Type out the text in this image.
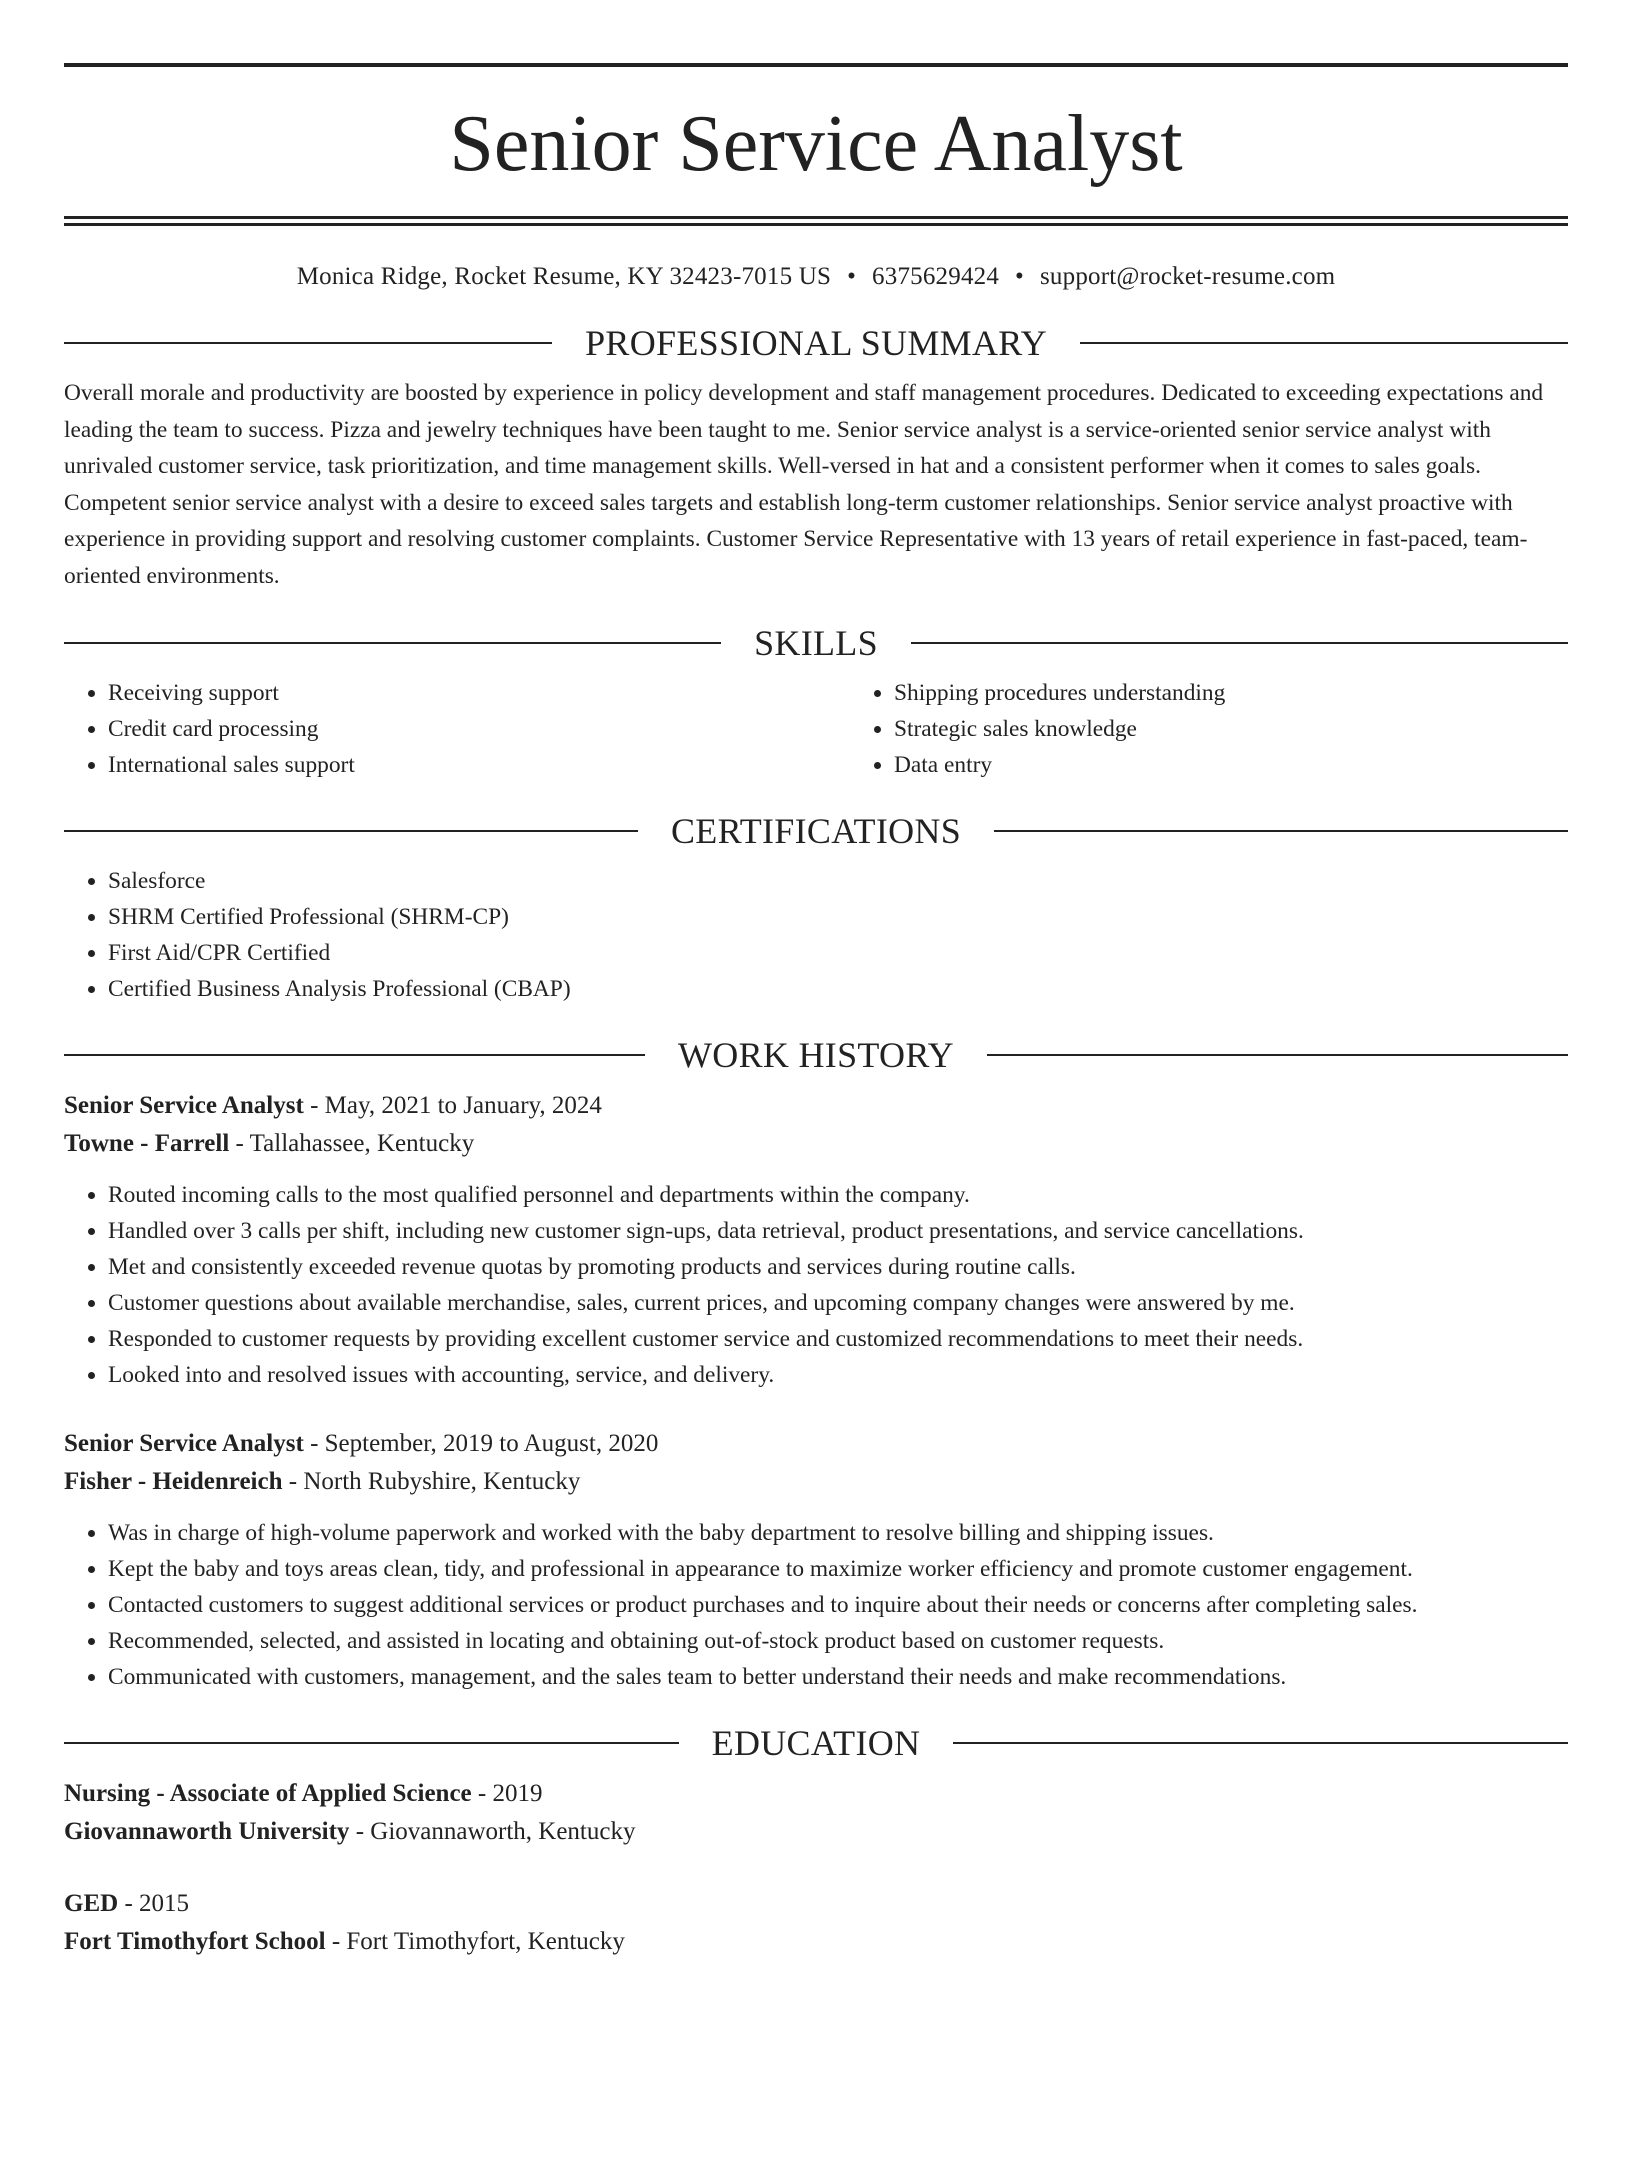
Senior Service Analyst
Monica Ridge, Rocket Resume, KY 32423-7015 US • 6375629424 • support@rocket-resume.com
PROFESSIONAL SUMMARY

Overall morale and productivity are boosted by experience in policy development and staff management procedures. Dedicated to exceeding expectations and leading the team to success. Pizza and jewelry techniques have been taught to me. Senior service analyst is a service-oriented senior service analyst with unrivaled customer service, task prioritization, and time management skills. Well-versed in hat and a consistent performer when it comes to sales goals. Competent senior service analyst with a desire to exceed sales targets and establish long-term customer relationships. Senior service analyst proactive with experience in providing support and resolving customer complaints. Customer Service Representative with 13 years of retail experience in fast-paced, team-oriented environments.

SKILLS
• Receiving support
• Credit card processing
• International sales support
• Shipping procedures understanding
• Strategic sales knowledge
• Data entry
CERTIFICATIONS
• Salesforce
• SHRM Certified Professional (SHRM-CP)
• First Aid/CPR Certified
• Certified Business Analysis Professional (CBAP)
WORK HISTORY
Senior Service Analyst - May, 2021 to January, 2024
Towne - Farrell - Tallahassee, Kentucky
• Routed incoming calls to the most qualified personnel and departments within the company.
• Handled over 3 calls per shift, including new customer sign-ups, data retrieval, product presentations, and service cancellations.
• Met and consistently exceeded revenue quotas by promoting products and services during routine calls.
• Customer questions about available merchandise, sales, current prices, and upcoming company changes were answered by me.
• Responded to customer requests by providing excellent customer service and customized recommendations to meet their needs.
• Looked into and resolved issues with accounting, service, and delivery.
Senior Service Analyst - September, 2019 to August, 2020
Fisher - Heidenreich - North Rubyshire, Kentucky
• Was in charge of high-volume paperwork and worked with the baby department to resolve billing and shipping issues.
• Kept the baby and toys areas clean, tidy, and professional in appearance to maximize worker efficiency and promote customer engagement.
• Contacted customers to suggest additional services or product purchases and to inquire about their needs or concerns after completing sales.
• Recommended, selected, and assisted in locating and obtaining out-of-stock product based on customer requests.
• Communicated with customers, management, and the sales team to better understand their needs and make recommendations.
EDUCATION
Nursing - Associate of Applied Science - 2019
Giovannaworth University - Giovannaworth, Kentucky
GED - 2015
Fort Timothyfort School - Fort Timothyfort, Kentucky
